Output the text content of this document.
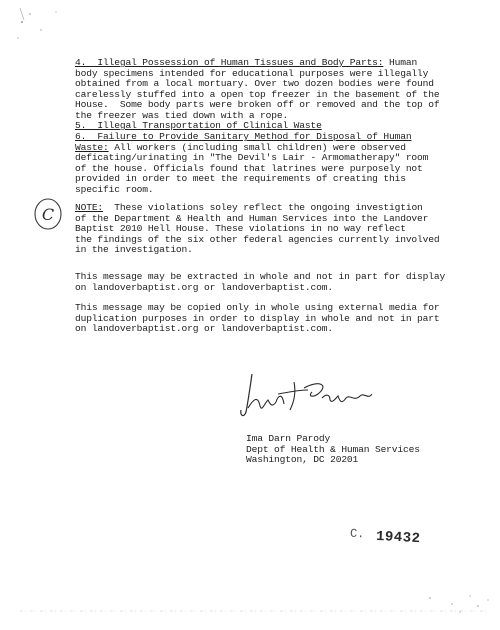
C
4.  Illegal Possession of Human Tissues and Body Parts: Human
body specimens intended for educational purposes were illegally
obtained from a local mortuary. Over two dozen bodies were found
carelessly stuffed into a open top freezer in the basement of the
House.  Some body parts were broken off or removed and the top of
the freezer was tied down with a rope.
5.  Illegal Transportation of Clinical Waste
6.  Failure to Provide Sanitary Method for Disposal of Human
Waste: All workers (including small children) were observed
deficating/urinating in "The Devil's Lair - Armomatherapy" room
of the house. Officials found that latrines were purposely not
provided in order to meet the requirements of creating this
specific room.
NOTE: These violations soley reflect the ongoing investigtion
of the Department & Health and Human Services into the Landover
Baptist 2010 Hell House. These violations in no way reflect
the findings of the six other federal agencies currently involved
in the investigation.
This message may be extracted in whole and not in part for display
on landoverbaptist.org or landoverbaptist.com.
This message may be copied only in whole using external media for
duplication purposes in order to display in whole and not in part
on landoverbaptist.org or landoverbaptist.com.
Ima Darn Parody
Dept of Health & Human Services
Washington, DC 20201
C. 19432
